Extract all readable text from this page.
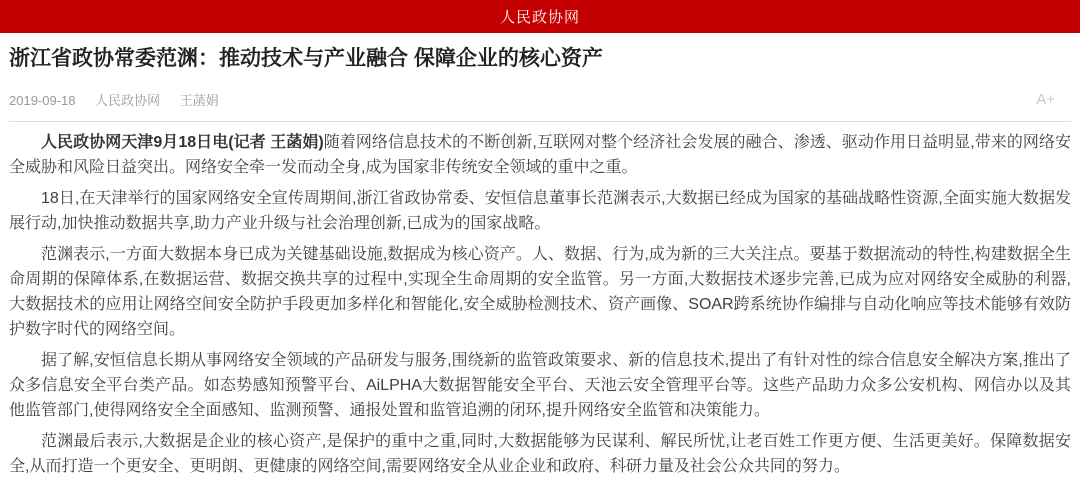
人民政协网
浙江省政协常委范渊：推动技术与产业融合 保障企业的核心资产
2019-09-18 人民政协网 王菡娟	A+

人民政协网天津9月18日电(记者 王菡娟)随着网络信息技术的不断创新,互联网对整个经济社会发展的融合、渗透、驱动作用日益明显,带来的网络安全威胁和风险日益突出。网络安全牵一发而动全身,成为国家非传统安全领域的重中之重。

18日,在天津举行的国家网络安全宣传周期间,浙江省政协常委、安恒信息董事长范渊表示,大数据已经成为国家的基础战略性资源,全面实施大数据发展行动,加快推动数据共享,助力产业升级与社会治理创新,已成为的国家战略。

范渊表示,一方面大数据本身已成为关键基础设施,数据成为核心资产。人、数据、行为,成为新的三大关注点。要基于数据流动的特性,构建数据全生命周期的保障体系,在数据运营、数据交换共享的过程中,实现全生命周期的安全监管。另一方面,大数据技术逐步完善,已成为应对网络安全威胁的利器,大数据技术的应用让网络空间安全防护手段更加多样化和智能化,安全威胁检测技术、资产画像、SOAR跨系统协作编排与自动化响应等技术能够有效防护数字时代的网络空间。

据了解,安恒信息长期从事网络安全领域的产品研发与服务,围绕新的监管政策要求、新的信息技术,提出了有针对性的综合信息安全解决方案,推出了众多信息安全平台类产品。如态势感知预警平台、AiLPHA大数据智能安全平台、天池云安全管理平台等。这些产品助力众多公安机构、网信办以及其他监管部门,使得网络安全全面感知、监测预警、通报处置和监管追溯的闭环,提升网络安全监管和决策能力。

范渊最后表示,大数据是企业的核心资产,是保护的重中之重,同时,大数据能够为民谋利、解民所忧,让老百姓工作更方便、生活更美好。保障数据安全,从而打造一个更安全、更明朗、更健康的网络空间,需要网络安全从业企业和政府、科研力量及社会公众共同的努力。
